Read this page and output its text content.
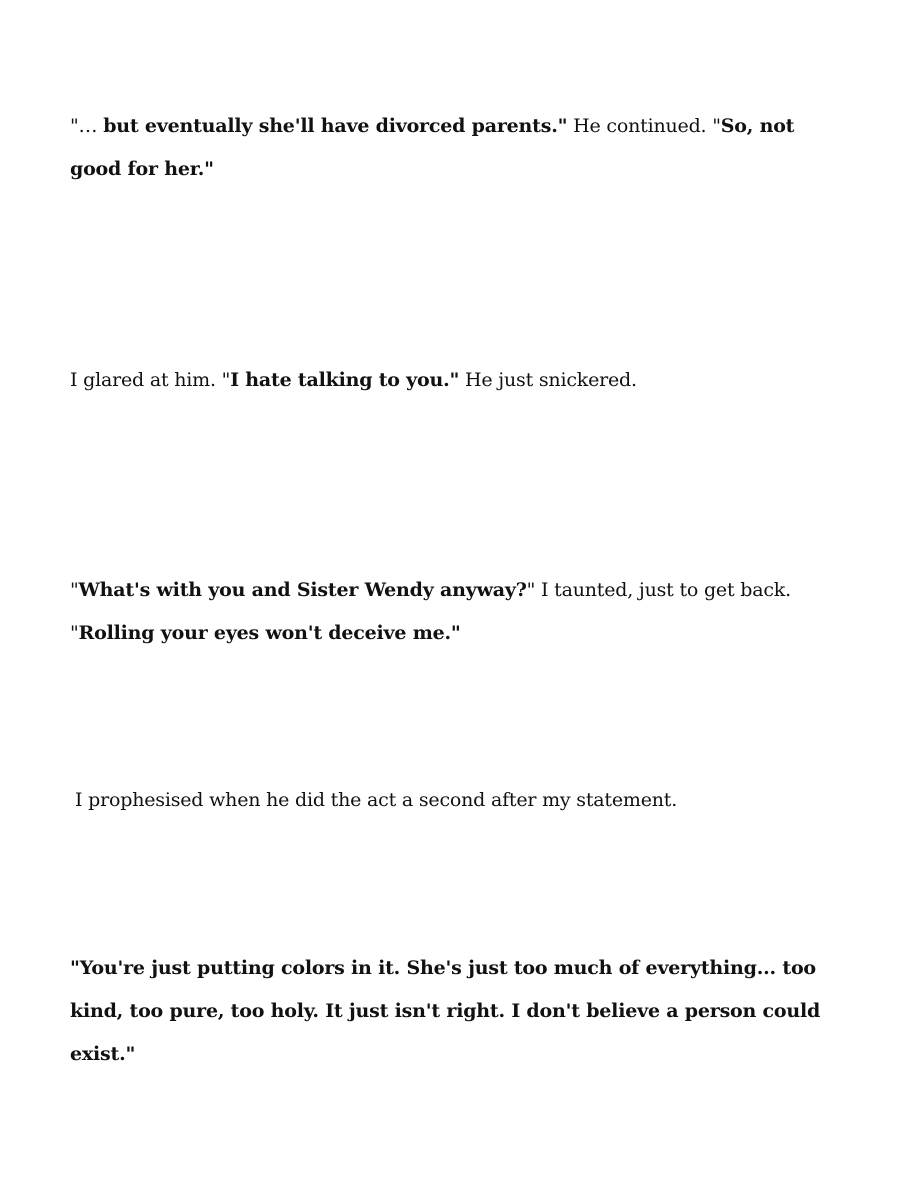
"… but eventually she'll have divorced parents." He continued. "So, not good for her."

I glared at him. "I hate talking to you." He just snickered.

"What's with you and Sister Wendy anyway?" I taunted, just to get back. "Rolling your eyes won't deceive me."

I prophesised when he did the act a second after my statement.

"You're just putting colors in it. She's just too much of everything... too kind, too pure, too holy. It just isn't right. I don't believe a person could exist."
